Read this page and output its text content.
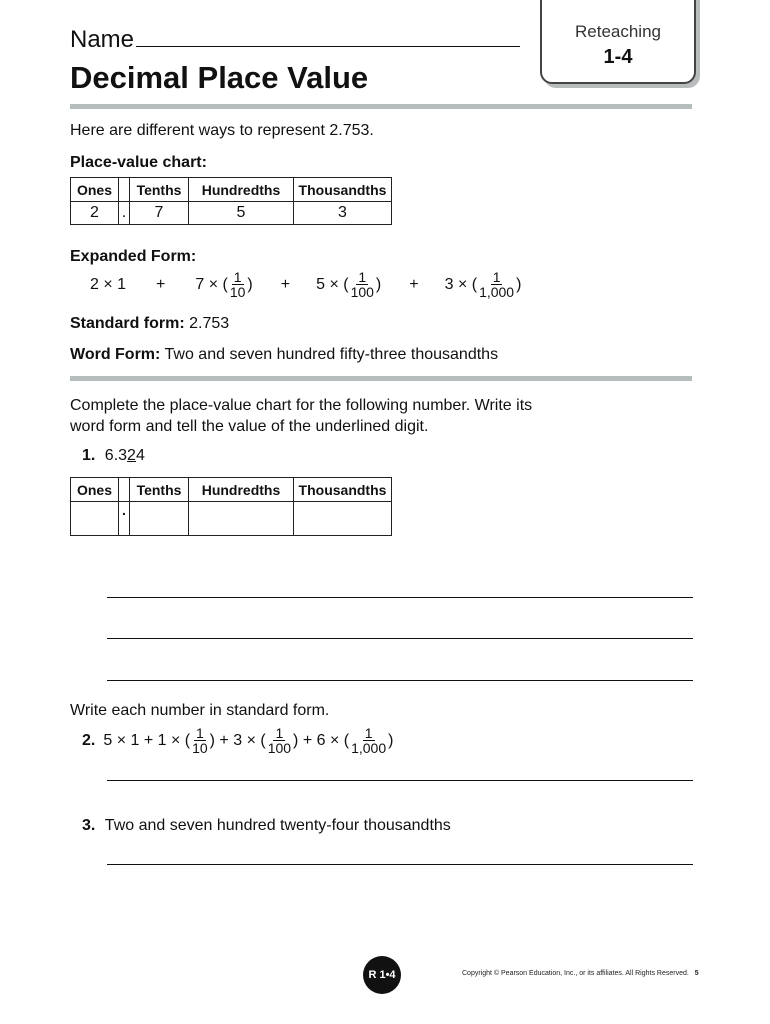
Reteaching
1-4
Name
Decimal Place Value
Here are different ways to represent 2.753.
Place-value chart:
Ones		Tenths	Hundredths	Thousandths
2	.	7	5	3
Expanded Form:
2 × 1 + 7 × ( $\frac{1}{10}$ ) + 5 × ( $\frac{1}{100}$ ) + 3 × ( $\frac{1}{1,000}$ )
Standard form: 2.753
Word Form: Two and seven hundred fifty-three thousandths
Complete the place-value chart for the following number. Write its
word form and tell the value of the underlined digit.
1. 6.324
Ones		Tenths	Hundredths	Thousandths
	.			
Write each number in standard form.
2. 5 × 1 + 1 × ( $\frac{1}{10}$ ) + 3 × ( $\frac{1}{100}$ ) + 6 × ( $\frac{1}{1,000}$ )
3. Two and seven hundred twenty-four thousandths
R 1•4	Copyright © Pearson Education, Inc., or its affiliates. All Rights Reserved. 5
